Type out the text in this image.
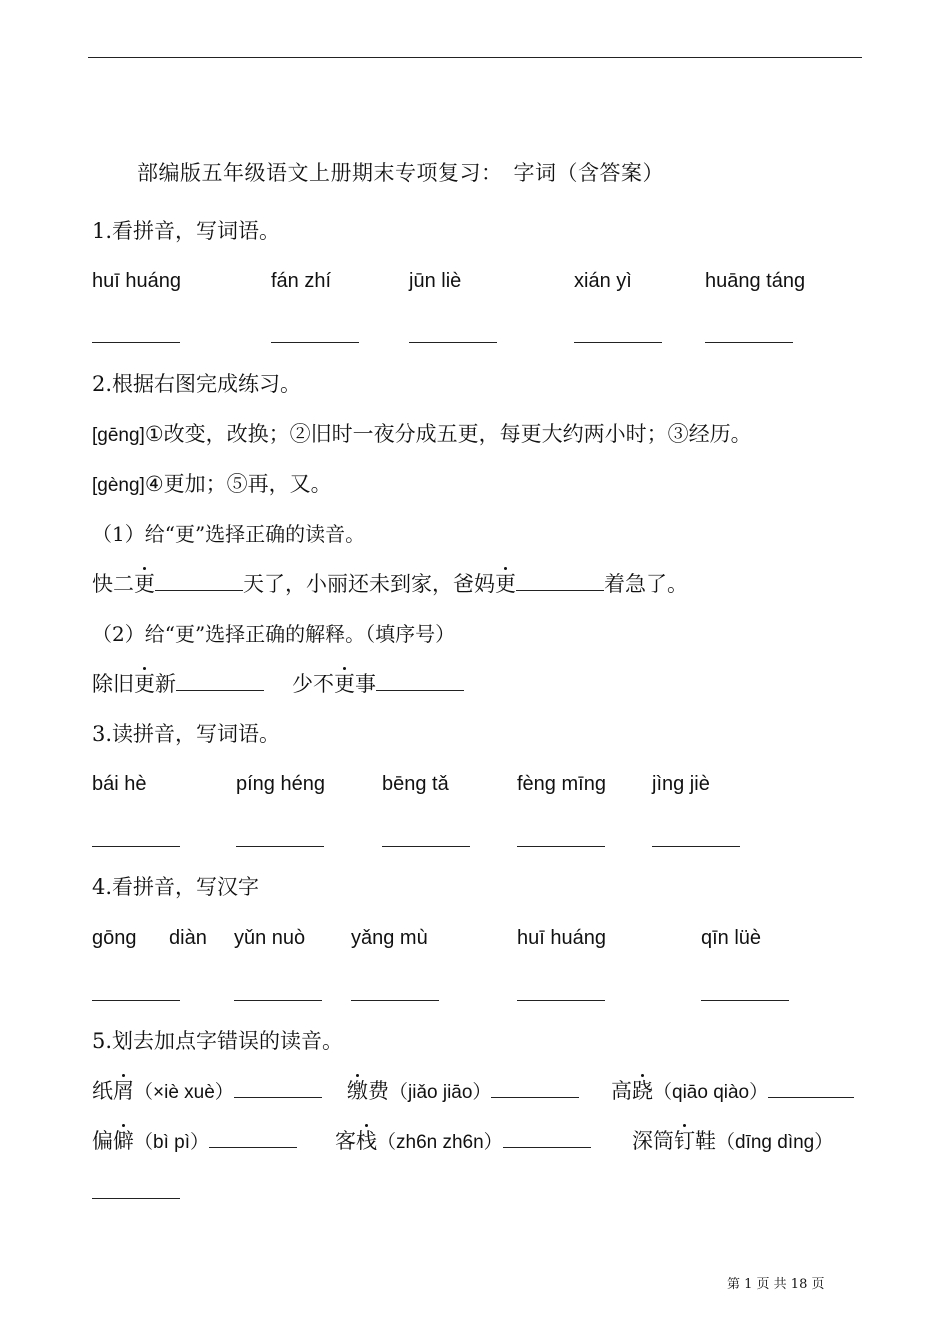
部编版五年级语文上册期末专项复习：　字词（含答案）
1.看拼音，写词语。
huī huáng	fán zhí	jūn liè	xián yì	huāng táng
2.根据右图完成练习。
[gēng]①改变，改换；②旧时一夜分成五更，每更大约两小时；③经历。
[gèng]④更加；⑤再，又。
（1）给“更”选择正确的读音。
快二更	天了，小丽还未到家，爸妈更	着急了。
（2）给“更”选择正确的解释。（填序号）
除旧更新	少不更事
3.读拼音，写词语。
bái hè	píng héng	bēng tǎ	fèng mīng jìng jiè
4.看拼音，写汉字
gōng diàn yǔn nuò yǎng mù	huī huáng	qīn lüè
5.划去加点字错误的读音。
纸屑（×iè xuè）	缴费（jiǎo jiāo）	高跷（qiāo qiào）
偏僻（bì pì）	客栈（zh6n zh6n）	深筒钉鞋（dīng dìng）
第 1 页 共 18 页
